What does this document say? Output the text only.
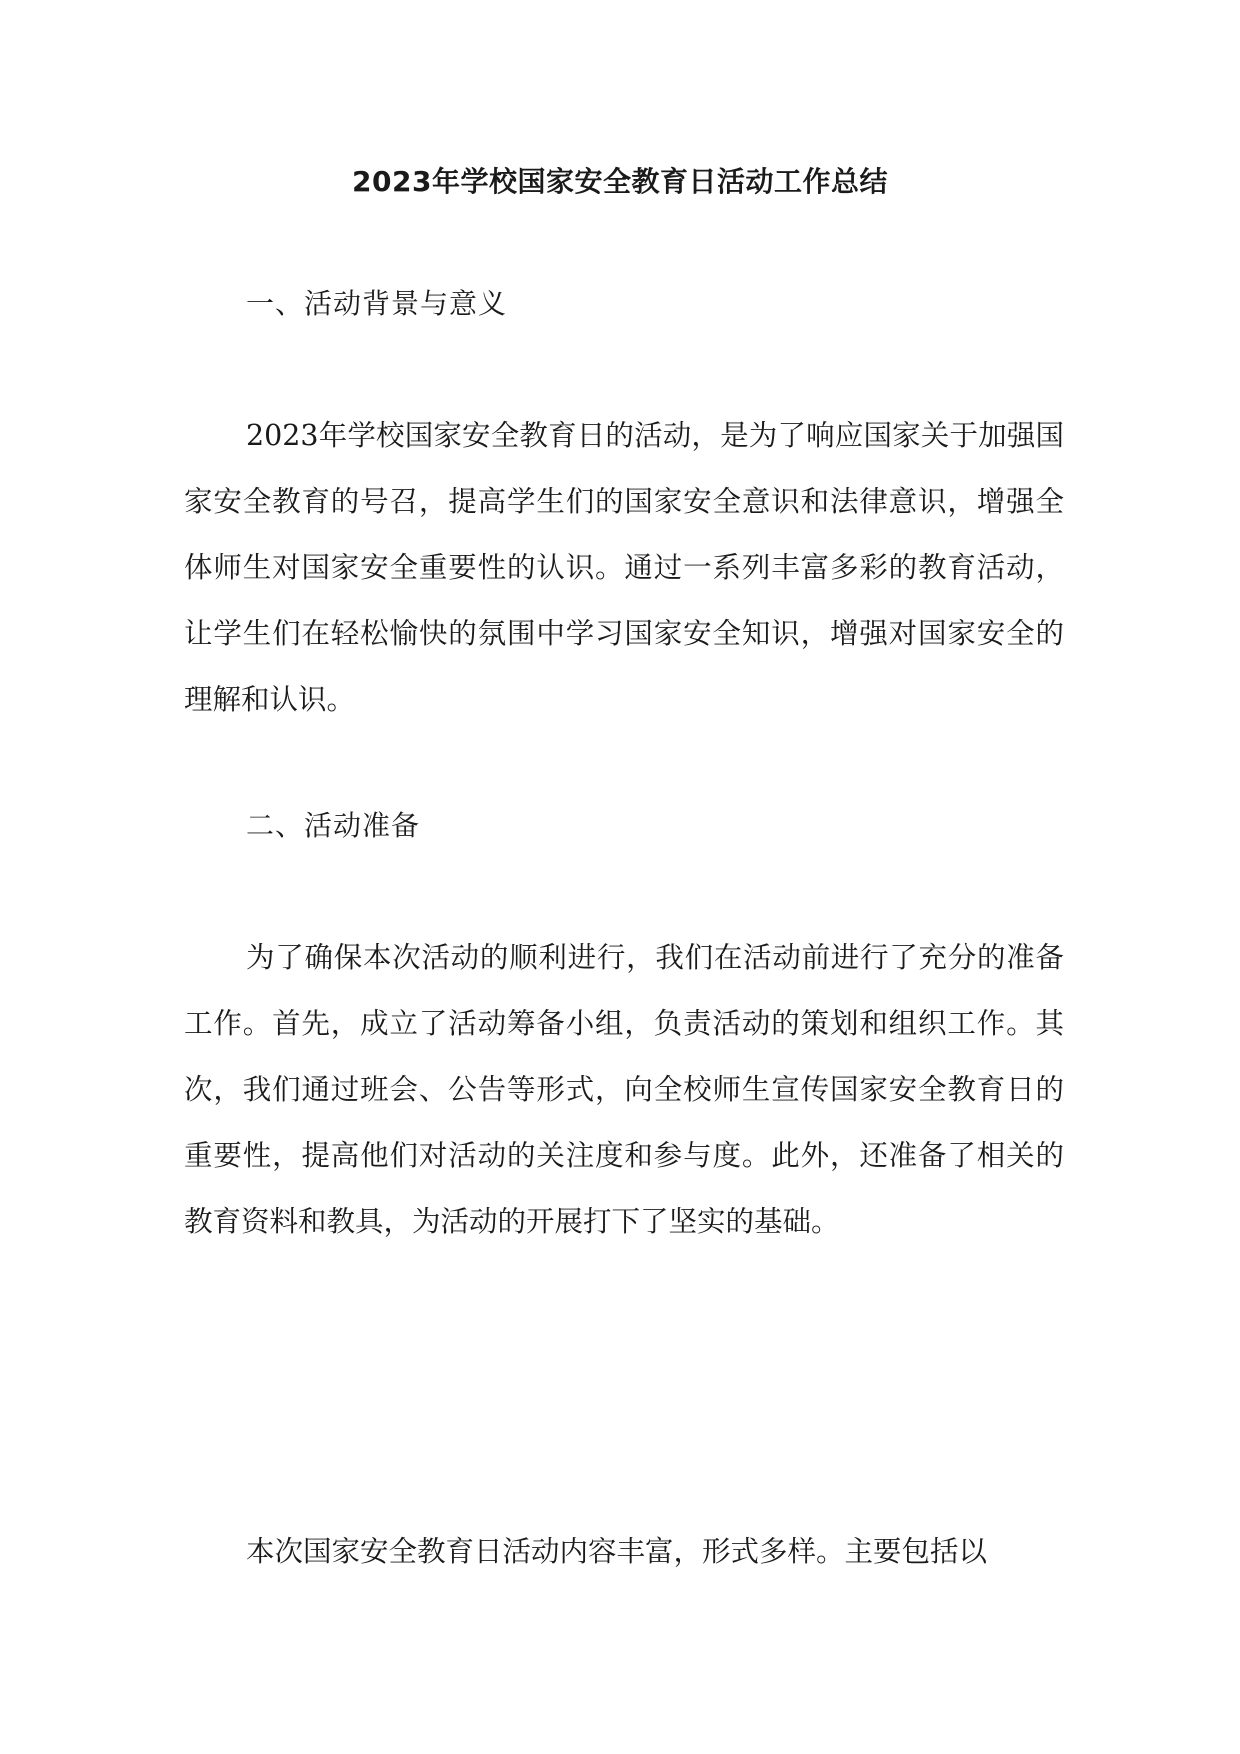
2023年学校国家安全教育日活动工作总结
一、活动背景与意义

2023年学校国家安全教育日的活动，是为了响应国家关于加强国家安全教育的号召，提高学生们的国家安全意识和法律意识，增强全体师生对国家安全重要性的认识。通过一系列丰富多彩的教育活动，让学生们在轻松愉快的氛围中学习国家安全知识，增强对国家安全的理解和认识。

二、活动准备

为了确保本次活动的顺利进行，我们在活动前进行了充分的准备工作。首先，成立了活动筹备小组，负责活动的策划和组织工作。其次，我们通过班会、公告等形式，向全校师生宣传国家安全教育日的重要性，提高他们对活动的关注度和参与度。此外，还准备了相关的教育资料和教具，为活动的开展打下了坚实的基础。

本次国家安全教育日活动内容丰富，形式多样。主要包括以
